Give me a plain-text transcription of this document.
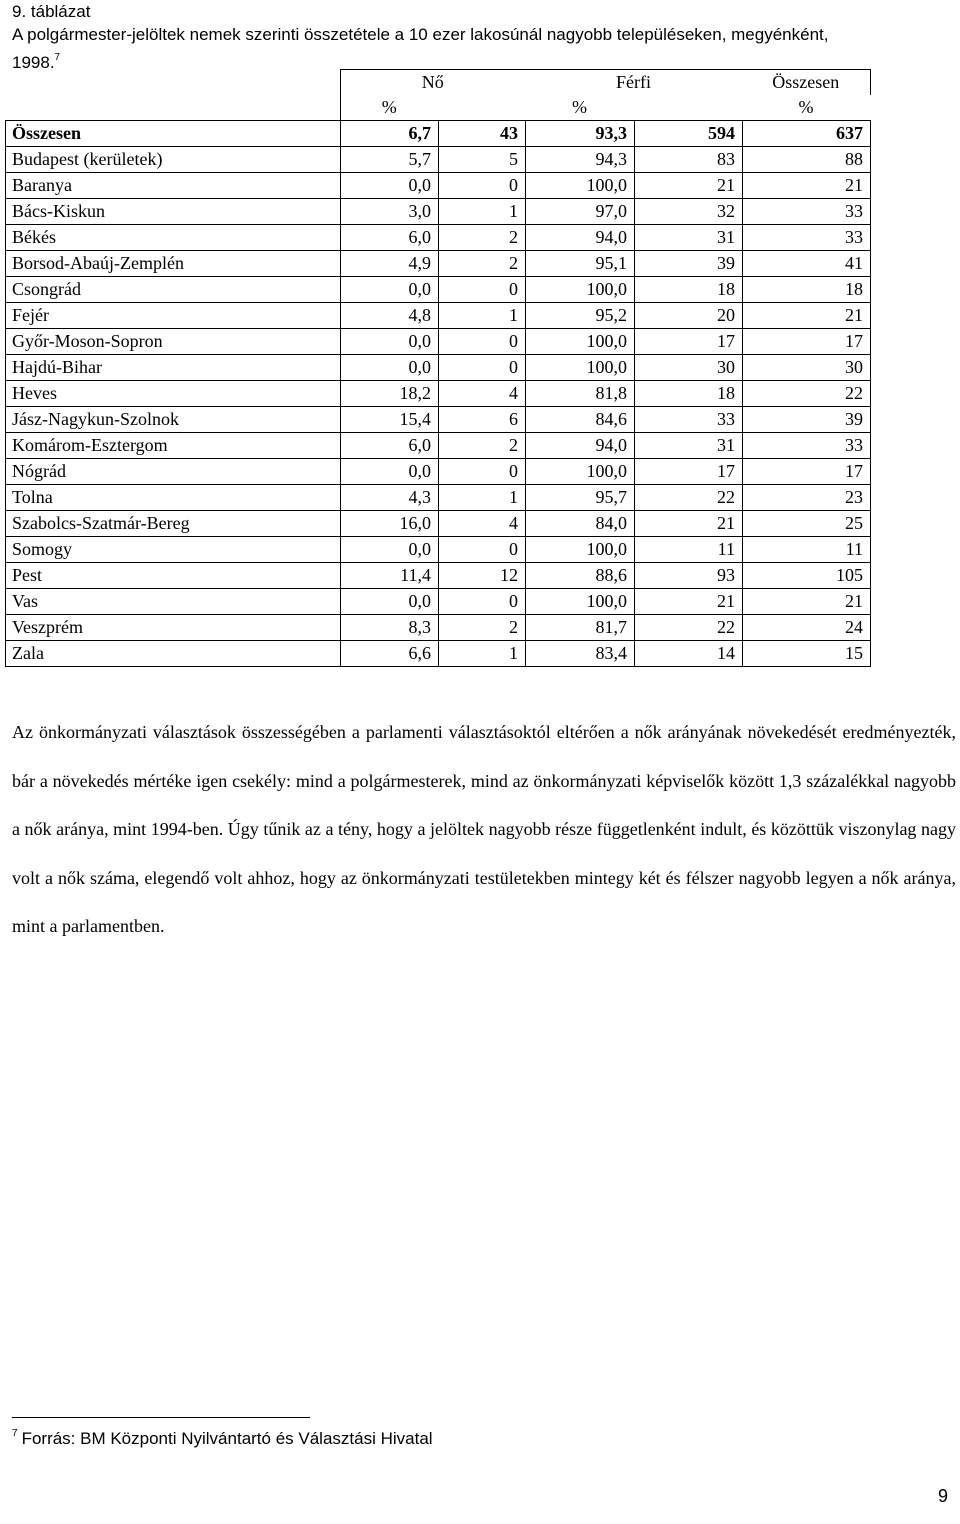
9. táblázat
A polgármester-jelöltek nemek szerinti összetétele a 10 ezer lakosúnál nagyobb településeken, megyénként,
1998.$^7$
	Nő		Férfi		Összesen
	%		%		%
Összesen	6,7	43	93,3	594	637
Budapest (kerületek)	5,7	5	94,3	83	88
Baranya	0,0	0	100,0	21	21
Bács-Kiskun	3,0	1	97,0	32	33
Békés	6,0	2	94,0	31	33
Borsod-Abaúj-Zemplén	4,9	2	95,1	39	41
Csongrád	0,0	0	100,0	18	18
Fejér	4,8	1	95,2	20	21
Győr-Moson-Sopron	0,0	0	100,0	17	17
Hajdú-Bihar	0,0	0	100,0	30	30
Heves	18,2	4	81,8	18	22
Jász-Nagykun-Szolnok	15,4	6	84,6	33	39
Komárom-Esztergom	6,0	2	94,0	31	33
Nógrád	0,0	0	100,0	17	17
Tolna	4,3	1	95,7	22	23
Szabolcs-Szatmár-Bereg	16,0	4	84,0	21	25
Somogy	0,0	0	100,0	11	11
Pest	11,4	12	88,6	93	105
Vas	0,0	0	100,0	21	21
Veszprém	8,3	2	81,7	22	24
Zala	6,6	1	83,4	14	15

Az önkormányzati választások összességében a parlamenti választásoktól eltérően a nők arányának növekedését eredményezték, bár a növekedés mértéke igen csekély: mind a polgármesterek, mind az önkormányzati képviselők között 1,3 százalékkal nagyobb a nők aránya, mint 1994-ben. Úgy tűnik az a tény, hogy a jelöltek nagyobb része függetlenként indult, és közöttük viszonylag nagy volt a nők száma, elegendő volt ahhoz, hogy az önkormányzati testületekben mintegy két és félszer nagyobb legyen a nők aránya, mint a parlamentben.

$^7$ Forrás: BM Központi Nyilvántartó és Választási Hivatal
9
